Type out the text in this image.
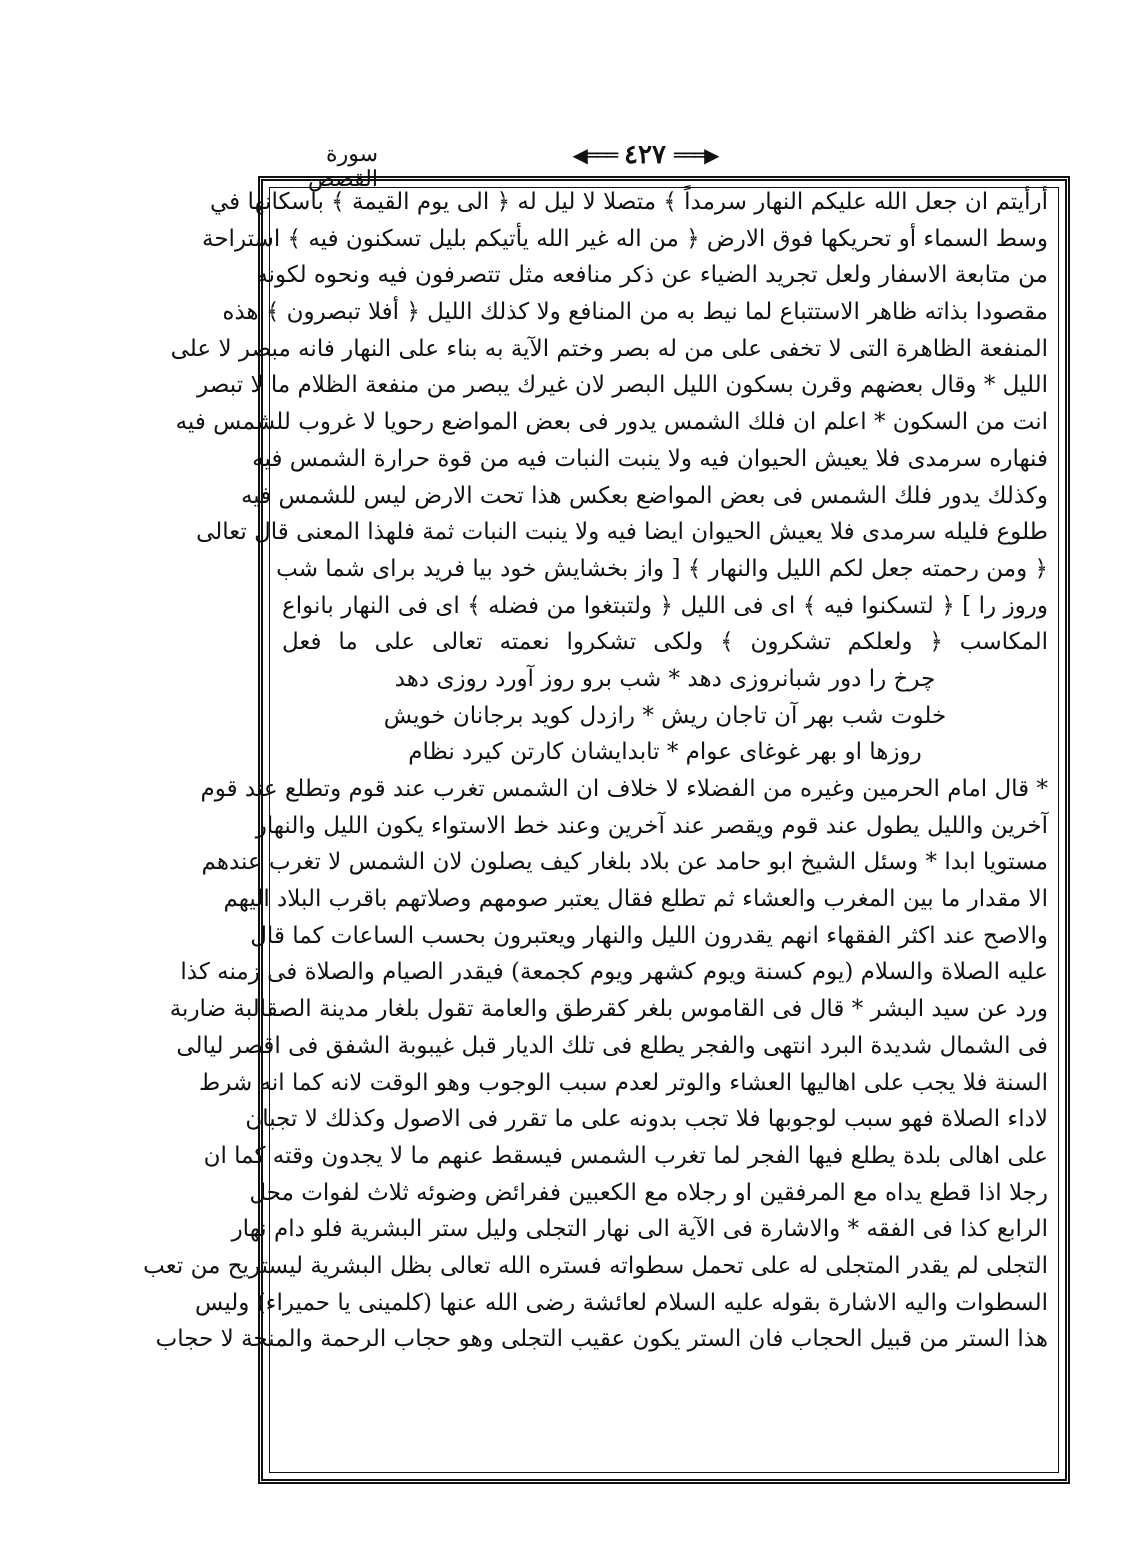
◀═══ ٤٢٧ ═══▶
سورة القصص
أرأيتم ان جعل الله عليكم النهار سرمداً ﴾ متصلا لا ليل له ﴿ الى يوم القيمة ﴾ باسكانها في
وسط السماء أو تحريكها فوق الارض ﴿ من اله غير الله يأتيكم بليل تسكنون فيه ﴾ استراحة
من متابعة الاسفار ولعل تجريد الضياء عن ذكر منافعه مثل تتصرفون فيه ونحوه لكونه
مقصودا بذاته ظاهر الاستتباع لما نيط به من المنافع ولا كذلك الليل ﴿ أفلا تبصرون ﴾ هذه
المنفعة الظاهرة التى لا تخفى على من له بصر وختم الآية به بناء على النهار فانه مبصر لا على
الليل * وقال بعضهم وقرن بسكون الليل البصر لان غيرك يبصر من منفعة الظلام ما لا تبصر
انت من السكون * اعلم ان فلك الشمس يدور فى بعض المواضع رحويا لا غروب للشمس فيه
فنهاره سرمدى فلا يعيش الحيوان فيه ولا ينبت النبات فيه من قوة حرارة الشمس فيه
وكذلك يدور فلك الشمس فى بعض المواضع بعكس هذا تحت الارض ليس للشمس فيه
طلوع فليله سرمدى فلا يعيش الحيوان ايضا فيه ولا ينبت النبات ثمة فلهذا المعنى قال تعالى
﴿ ومن رحمته جعل لكم الليل والنهار ﴾ [ واز بخشايش خود بيا فريد براى شما شب
وروز را ] ﴿ لتسكنوا فيه ﴾ اى فى الليل ﴿ ولتبتغوا من فضله ﴾ اى فى النهار بانواع
المكاسب ﴿ ولعلكم تشكرون ﴾ ولكى تشكروا نعمته تعالى على ما فعل
چرخ را دور شبانروزى دهد * شب برو روز آورد روزى دهد
خلوت شب بهر آن تاجان ريش * رازدل كويد برجانان خويش
روزها او بهر غوغاى عوام * تابدايشان كارتن كيرد نظام
* قال امام الحرمين وغيره من الفضلاء لا خلاف ان الشمس تغرب عند قوم وتطلع عند قوم
آخرين والليل يطول عند قوم ويقصر عند آخرين وعند خط الاستواء يكون الليل والنهار
مستويا ابدا * وسئل الشيخ ابو حامد عن بلاد بلغار كيف يصلون لان الشمس لا تغرب عندهم
الا مقدار ما بين المغرب والعشاء ثم تطلع فقال يعتبر صومهم وصلاتهم باقرب البلاد اليهم
والاصح عند اكثر الفقهاء انهم يقدرون الليل والنهار ويعتبرون بحسب الساعات كما قال
عليه الصلاة والسلام (يوم كسنة ويوم كشهر ويوم كجمعة) فيقدر الصيام والصلاة فى زمنه كذا
ورد عن سيد البشر * قال فى القاموس بلغر كقرطق والعامة تقول بلغار مدينة الصقالبة ضاربة
فى الشمال شديدة البرد انتهى والفجر يطلع فى تلك الديار قبل غيبوبة الشفق فى اقصر ليالى
السنة فلا يجب على اهاليها العشاء والوتر لعدم سبب الوجوب وهو الوقت لانه كما انه شرط
لاداء الصلاة فهو سبب لوجوبها فلا تجب بدونه على ما تقرر فى الاصول وكذلك لا تجبان
على اهالى بلدة يطلع فيها الفجر لما تغرب الشمس فيسقط عنهم ما لا يجدون وقته كما ان
رجلا اذا قطع يداه مع المرفقين او رجلاه مع الكعبين ففرائض وضوئه ثلاث لفوات محل
الرابع كذا فى الفقه * والاشارة فى الآية الى نهار التجلى وليل ستر البشرية فلو دام نهار
التجلى لم يقدر المتجلى له على تحمل سطواته فستره الله تعالى بظل البشرية ليستريح من تعب
السطوات واليه الاشارة بقوله عليه السلام لعائشة رضى الله عنها (كلمينى يا حميراء) وليس
هذا الستر من قبيل الحجاب فان الستر يكون عقيب التجلى وهو حجاب الرحمة والمنحة لا حجاب
